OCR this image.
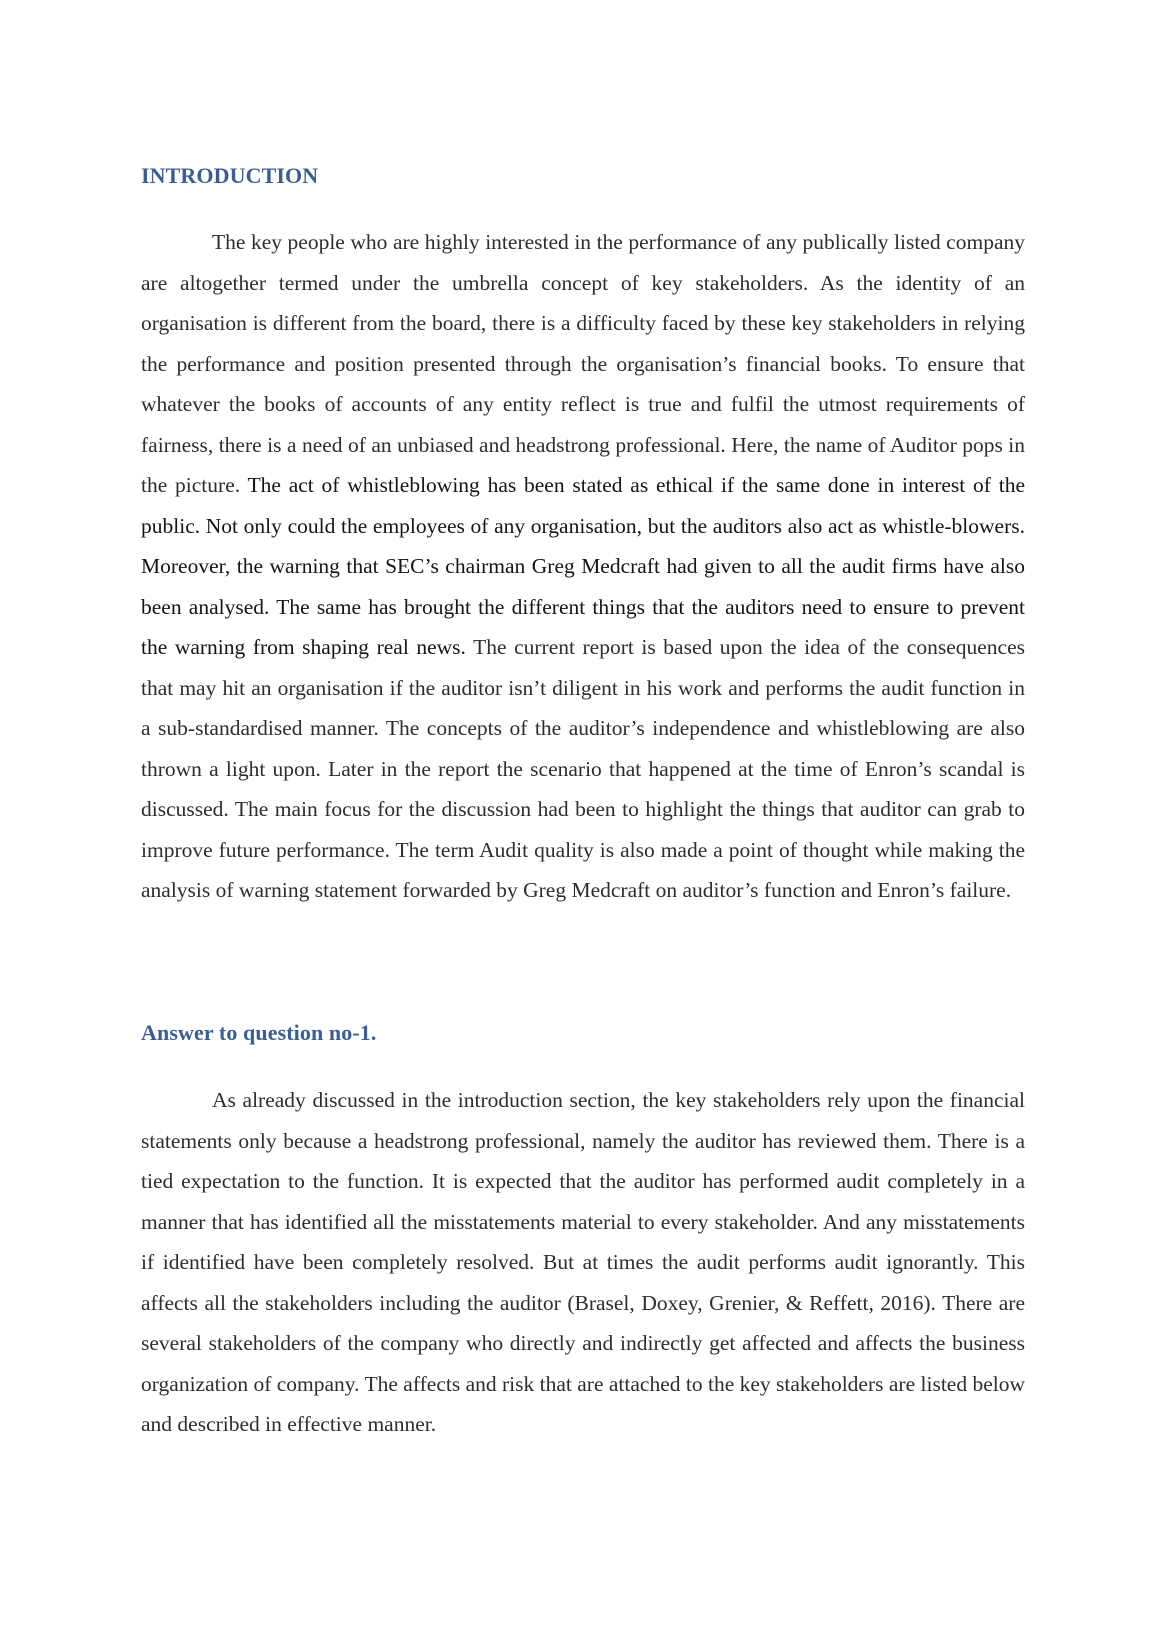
INTRODUCTION

The key people who are highly interested in the performance of any publically listed company are altogether termed under the umbrella concept of key stakeholders. As the identity of an organisation is different from the board, there is a difficulty faced by these key stakeholders in relying the performance and position presented through the organisation’s financial books. To ensure that whatever the books of accounts of any entity reflect is true and fulfil the utmost requirements of fairness, there is a need of an unbiased and headstrong professional. Here, the name of Auditor pops in the picture. The act of whistleblowing has been stated as ethical if the same done in interest of the public. Not only could the employees of any organisation, but the auditors also act as whistle-blowers. Moreover, the warning that SEC’s chairman Greg Medcraft had given to all the audit firms have also been analysed. The same has brought the different things that the auditors need to ensure to prevent the warning from shaping real news. The current report is based upon the idea of the consequences that may hit an organisation if the auditor isn’t diligent in his work and performs the audit function in a sub-standardised manner. The concepts of the auditor’s independence and whistleblowing are also thrown a light upon. Later in the report the scenario that happened at the time of Enron’s scandal is discussed. The main focus for the discussion had been to highlight the things that auditor can grab to improve future performance. The term Audit quality is also made a point of thought while making the analysis of warning statement forwarded by Greg Medcraft on auditor’s function and Enron’s failure.

Answer to question no-1.

As already discussed in the introduction section, the key stakeholders rely upon the financial statements only because a headstrong professional, namely the auditor has reviewed them. There is a tied expectation to the function. It is expected that the auditor has performed audit completely in a manner that has identified all the misstatements material to every stakeholder. And any misstatements if identified have been completely resolved. But at times the audit performs audit ignorantly. This affects all the stakeholders including the auditor (Brasel, Doxey, Grenier, & Reffett, 2016). There are several stakeholders of the company who directly and indirectly get affected and affects the business organization of company. The affects and risk that are attached to the key stakeholders are listed below and described in effective manner.
